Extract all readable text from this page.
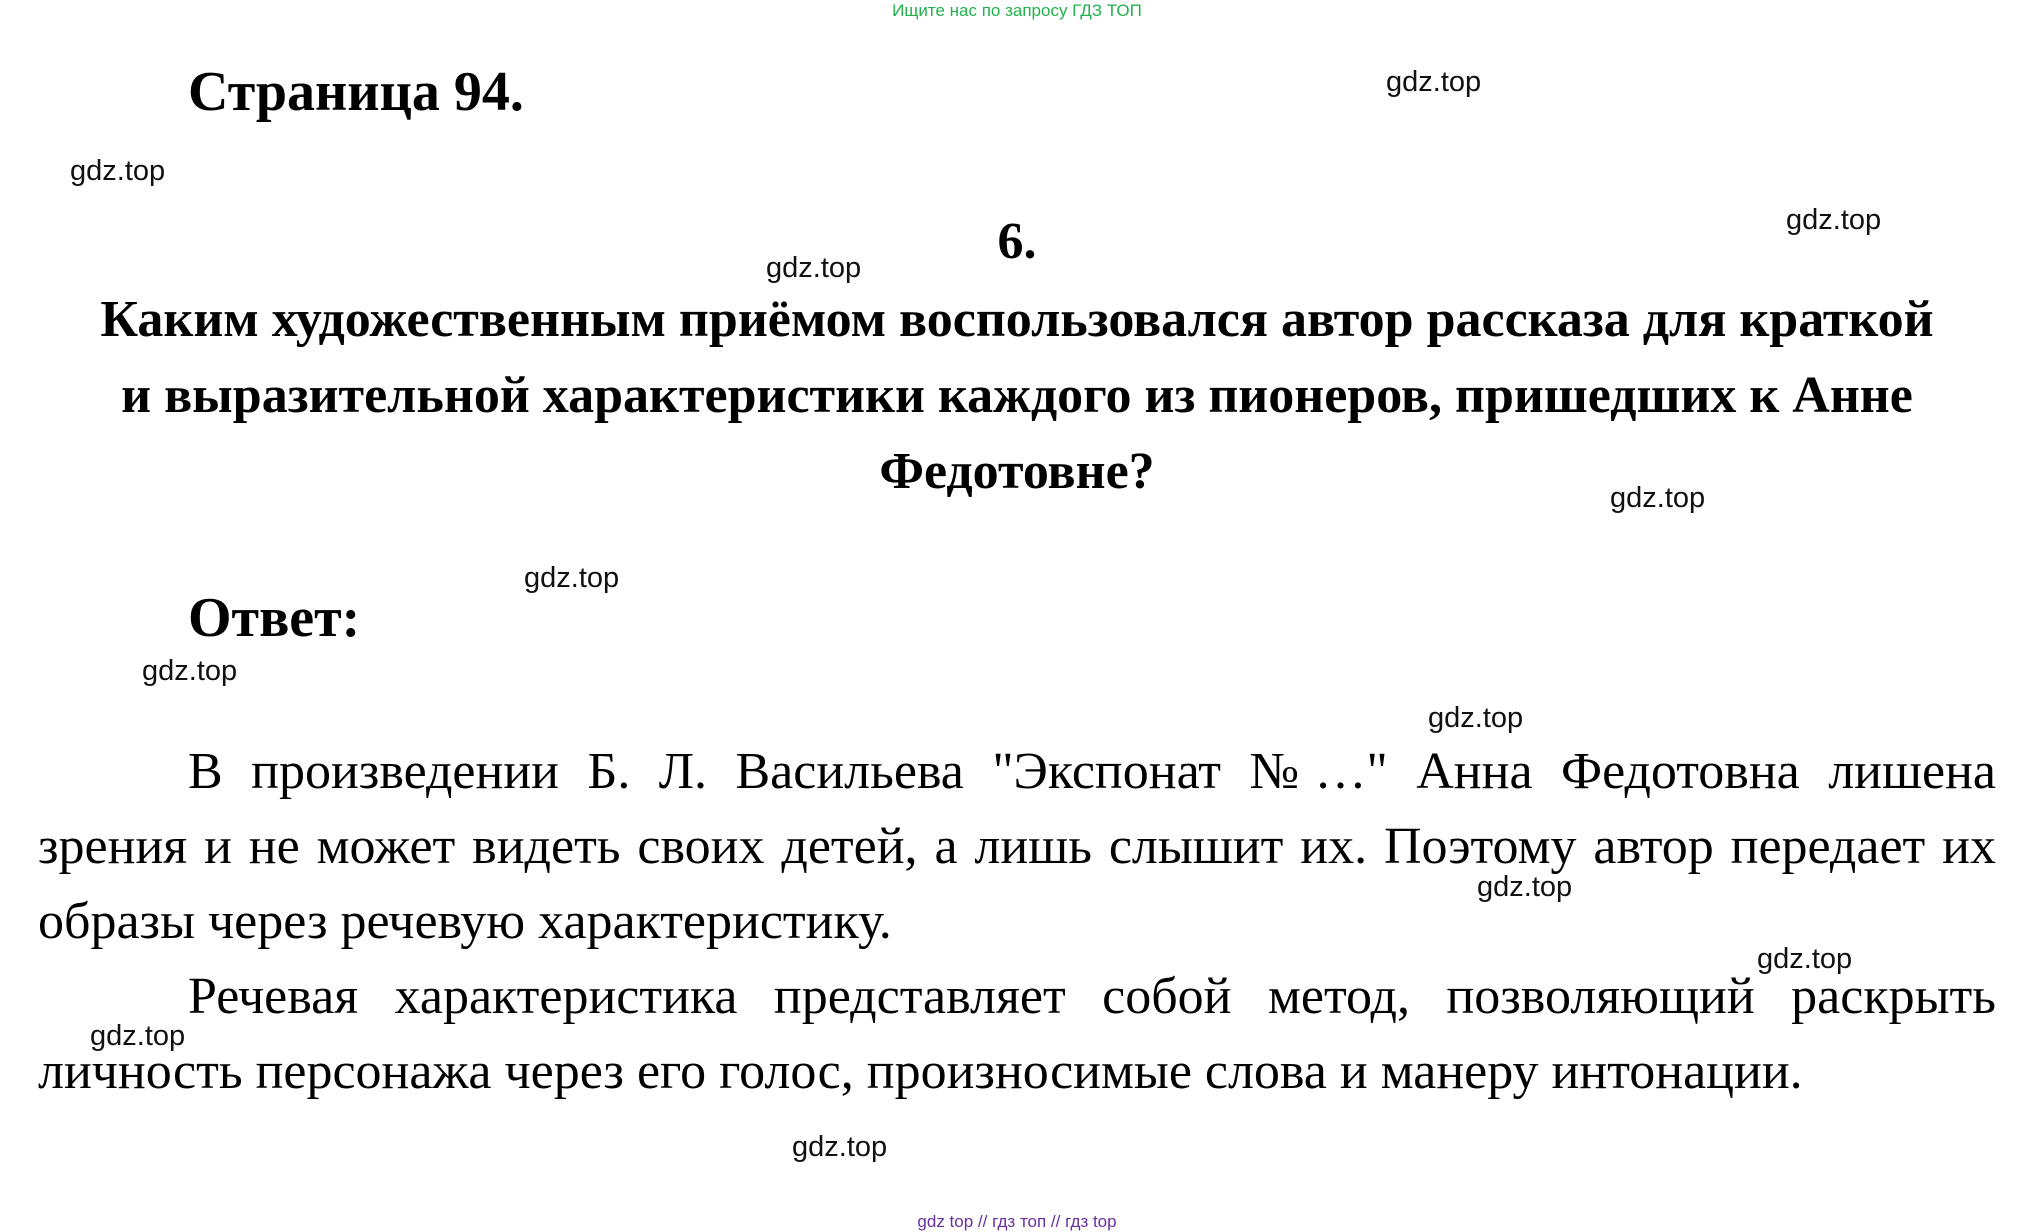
Ищите нас по запросу ГДЗ ТОП
Страница 94.
6.
Каким художественным приёмом воспользовался автор рассказа для краткой и выразительной характеристики каждого из пионеров, пришедших к Анне Федотовне?
Ответ:

В произведении Б. Л. Васильева "Экспонат №…" Анна Федотовна лишена зрения и не может видеть своих детей, а лишь слышит их. Поэтому автор передает их образы через речевую характеристику.

Речевая характеристика представляет собой метод, позволяющий раскрыть личность персонажа через его голос, произносимые слова и манеру интонации.

gdz.top
gdz.top
gdz.top
gdz.top
gdz.top
gdz.top
gdz.top
gdz.top
gdz.top
gdz.top
gdz.top
gdz.top
gdz top // гдз топ // гдз top
